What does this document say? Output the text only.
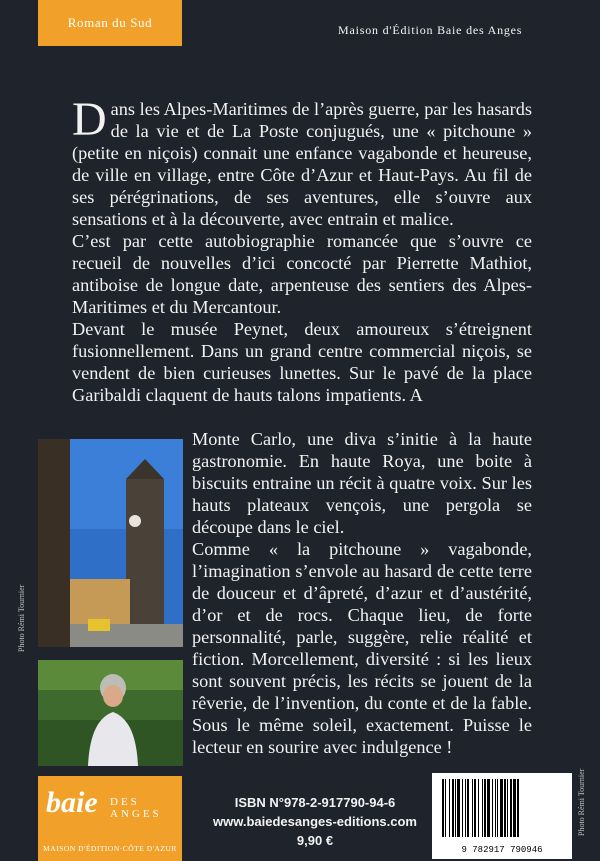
Roman du Sud	Maison d'Édition Baie des Anges

Dans les Alpes-Maritimes de l’après guerre, par les hasards de la vie et de La Poste conjugués, une « pitchoune » (petite en niçois) connait une enfance vagabonde et heureuse, de ville en village, entre Côte d’Azur et Haut-Pays. Au fil de ses pérégrinations, de ses aventures, elle s’ouvre aux sensations et à la découverte, avec entrain et malice.

C’est par cette autobiographie romancée que s’ouvre ce recueil de nouvelles d’ici concocté par Pierrette Mathiot, antiboise de longue date, arpenteuse des sentiers des Alpes-Maritimes et du Mercantour.

Devant le musée Peynet, deux amoureux s’étreignent fusionnellement. Dans un grand centre commercial niçois, se vendent de bien curieuses lunettes. Sur le pavé de la place Garibaldi claquent de hauts talons impatients. A

Monte Carlo, une diva s’initie à la haute gastronomie. En haute Roya, une boite à biscuits entraine un récit à quatre voix. Sur les hauts plateaux vençois, une pergola se découpe dans le ciel.

Comme « la pitchoune » vagabonde, l’imagination s’envole au hasard de cette terre de douceur et d’âpreté, d’azur et d’austérité, d’or et de rocs. Chaque lieu, de forte personnalité, parle, suggère, relie réalité et fiction. Morcellement, diversité : si les lieux sont souvent précis, les récits se jouent de la rêverie, de l’invention, du conte et de la fable. Sous le même soleil, exactement. Puisse le lecteur en sourire avec indulgence !

Photo Rémi Tournier
Photo Rémi Tournier
baie DES ANGES
MAISON D'ÉDITION·CÔTE D'AZUR
ISBN N°978-2-917790-94-6
www.baiedesanges-editions.com
9,90 €
9 782917 790946
